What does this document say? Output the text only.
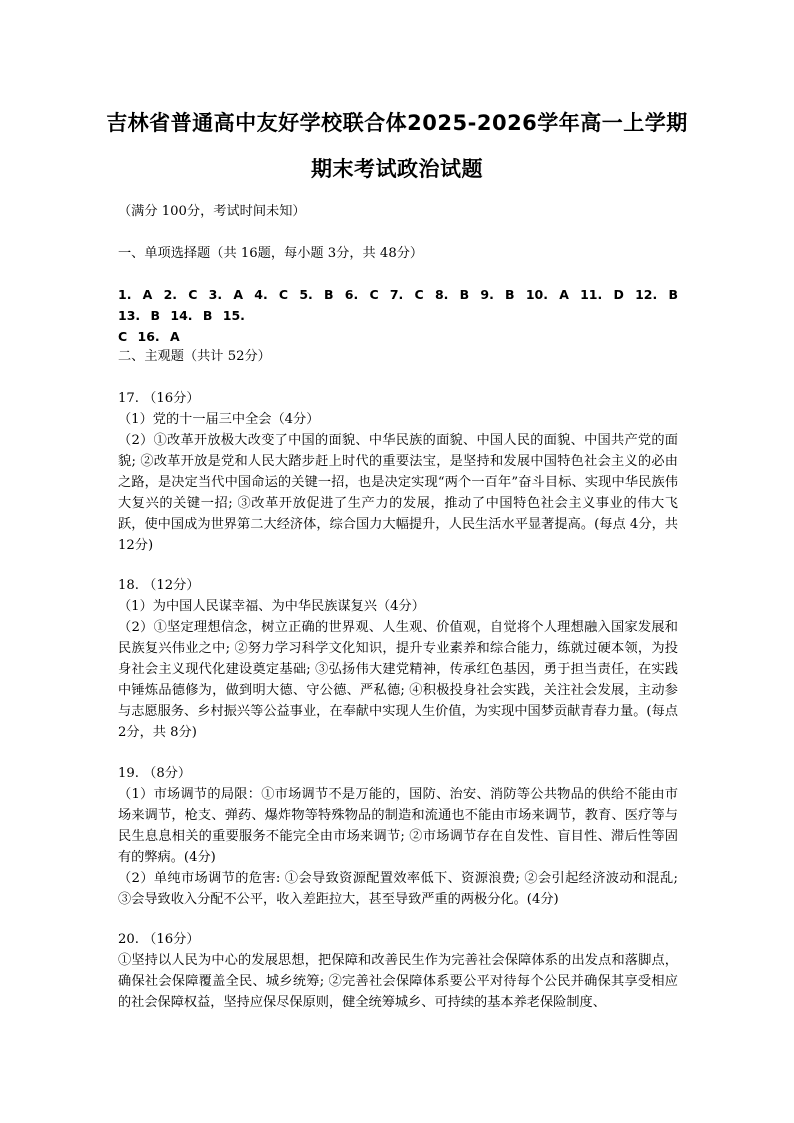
吉林省普通高中友好学校联合体2025-2026学年高一上学期
期末考试政治试题

（满分 100分，考试时间未知）

一、单项选择题（共 16题，每小题 3分，共 48分）

1. A 2. C 3. A 4. C 5. B 6. C 7. C 8. B 9. B 10. A 11. D 12. B 13. B 14. B 15.

C 16. A

二、主观题（共计 52分）

17. （16分）

（1）党的十一届三中全会（4分）

（2）①改革开放极大改变了中国的面貌、中华民族的面貌、中国人民的面貌、中国共产党的面貌; ②改革开放是党和人民大踏步赶上时代的重要法宝，是坚持和发展中国特色社会主义的必由之路，是决定当代中国命运的关键一招，也是决定实现“两个一百年”奋斗目标、实现中华民族伟大复兴的关键一招; ③改革开放促进了生产力的发展，推动了中国特色社会主义事业的伟大飞跃，使中国成为世界第二大经济体，综合国力大幅提升，人民生活水平显著提高。(每点 4分，共 12分)

18. （12分）

（1）为中国人民谋幸福、为中华民族谋复兴（4分）

（2）①坚定理想信念，树立正确的世界观、人生观、价值观，自觉将个人理想融入国家发展和民族复兴伟业之中; ②努力学习科学文化知识，提升专业素养和综合能力，练就过硬本领，为投身社会主义现代化建设奠定基础; ③弘扬伟大建党精神，传承红色基因，勇于担当责任，在实践中锤炼品德修为，做到明大德、守公德、严私德; ④积极投身社会实践，关注社会发展，主动参与志愿服务、乡村振兴等公益事业，在奉献中实现人生价值，为实现中国梦贡献青春力量。(每点 2分，共 8分)

19. （8分）

（1）市场调节的局限：①市场调节不是万能的，国防、治安、消防等公共物品的供给不能由市场来调节，枪支、弹药、爆炸物等特殊物品的制造和流通也不能由市场来调节，教育、医疗等与民生息息相关的重要服务不能完全由市场来调节; ②市场调节存在自发性、盲目性、滞后性等固有的弊病。(4分)

（2）单纯市场调节的危害: ①会导致资源配置效率低下、资源浪费; ②会引起经济波动和混乱; ③会导致收入分配不公平，收入差距拉大，甚至导致严重的两极分化。(4分)

20. （16分）

①坚持以人民为中心的发展思想，把保障和改善民生作为完善社会保障体系的出发点和落脚点，确保社会保障覆盖全民、城乡统筹; ②完善社会保障体系要公平对待每个公民并确保其享受相应的社会保障权益，坚持应保尽保原则，健全统筹城乡、可持续的基本养老保险制度、
